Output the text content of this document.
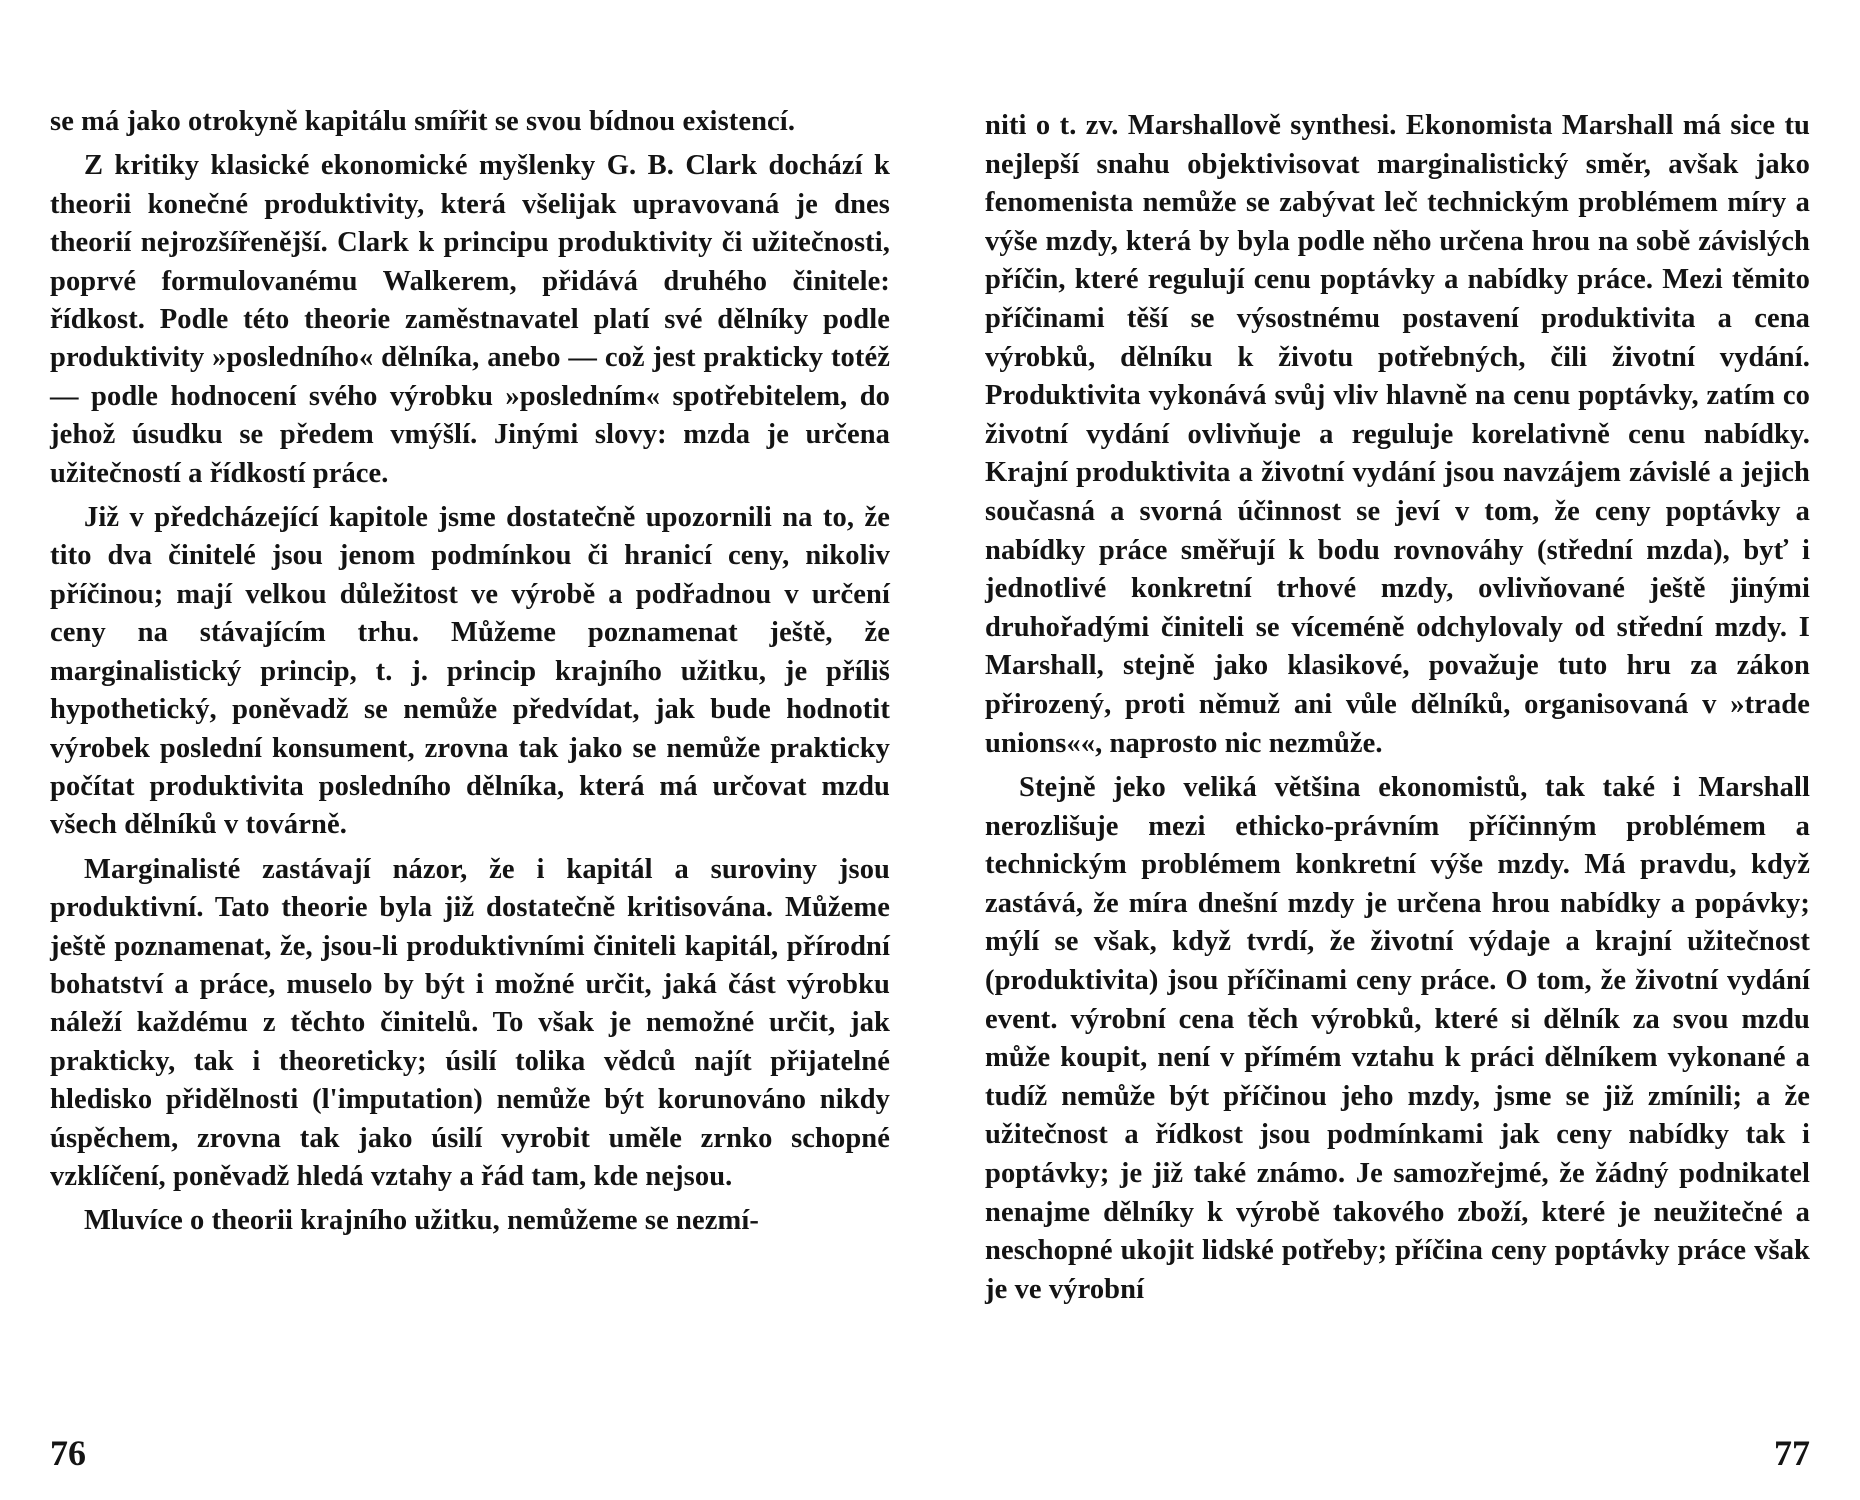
se má jako otrokyně kapitálu smířit se svou bídnou existencí.

Z kritiky klasické ekonomické myšlenky G. B. Clark dochází k theorii konečné produktivity, která všelijak upravovaná je dnes theorií nejrozšířenější. Clark k principu produktivity či užitečnosti, poprvé formulovanému Walkerem, přidává druhého činitele: řídkost. Podle této theorie zaměstnavatel platí své dělníky podle produktivity »posledního« dělníka, anebo — což jest prakticky totéž — podle hodnocení svého výrobku »posledním« spotřebitelem, do jehož úsudku se předem vmýšlí. Jinými slovy: mzda je určena užitečností a řídkostí práce.

Již v předcházející kapitole jsme dostatečně upozornili na to, že tito dva činitelé jsou jenom podmínkou či hranicí ceny, nikoliv příčinou; mají velkou důležitost ve výrobě a podřadnou v určení ceny na stávajícím trhu. Můžeme poznamenat ještě, že marginalistický princip, t. j. princip krajního užitku, je příliš hypothetický, poněvadž se nemůže předvídat, jak bude hodnotit výrobek poslední konsument, zrovna tak jako se nemůže prakticky počítat produktivita posledního dělníka, která má určovat mzdu všech dělníků v továrně.

Marginalisté zastávají názor, že i kapitál a suroviny jsou produktivní. Tato theorie byla již dostatečně kritisována. Můžeme ještě poznamenat, že, jsou-li produktivními činiteli kapitál, přírodní bohatství a práce, muselo by být i možné určit, jaká část výrobku náleží každému z těchto činitelů. To však je nemožné určit, jak prakticky, tak i theoreticky; úsilí tolika vědců najít přijatelné hledisko přidělnosti (l'imputation) nemůže být korunováno nikdy úspěchem, zrovna tak jako úsilí vyrobit uměle zrnko schopné vzklíčení, poněvadž hledá vztahy a řád tam, kde nejsou.

Mluvíce o theorii krajního užitku, nemůžeme se nezmí-

76

niti o t. zv. Marshallově synthesi. Ekonomista Marshall má sice tu nejlepší snahu objektivisovat marginalistický směr, avšak jako fenomenista nemůže se zabývat leč technickým problémem míry a výše mzdy, která by byla podle něho určena hrou na sobě závislých příčin, které regulují cenu poptávky a nabídky práce. Mezi těmito příčinami těší se výsostnému postavení produktivita a cena výrobků, dělníku k životu potřebných, čili životní vydání. Produktivita vykonává svůj vliv hlavně na cenu poptávky, zatím co životní vydání ovlivňuje a reguluje korelativně cenu nabídky. Krajní produktivita a životní vydání jsou navzájem závislé a jejich současná a svorná účinnost se jeví v tom, že ceny poptávky a nabídky práce směřují k bodu rovnováhy (střední mzda), byť i jednotlivé konkretní trhové mzdy, ovlivňované ještě jinými druhořadými činiteli se víceméně odchylovaly od střední mzdy. I Marshall, stejně jako klasikové, považuje tuto hru za zákon přirozený, proti němuž ani vůle dělníků, organisovaná v »trade unions««, naprosto nic nezmůže.

Stejně jeko veliká většina ekonomistů, tak také i Marshall nerozlišuje mezi ethicko-právním příčinným problémem a technickým problémem konkretní výše mzdy. Má pravdu, když zastává, že míra dnešní mzdy je určena hrou nabídky a popávky; mýlí se však, když tvrdí, že životní výdaje a krajní užitečnost (produktivita) jsou příčinami ceny práce. O tom, že životní vydání event. výrobní cena těch výrobků, které si dělník za svou mzdu může koupit, není v přímém vztahu k práci dělníkem vykonané a tudíž nemůže být příčinou jeho mzdy, jsme se již zmínili; a že užitečnost a řídkost jsou podmínkami jak ceny nabídky tak i poptávky; je již také známo. Je samozřejmé, že žádný podnikatel nenajme dělníky k výrobě takového zboží, které je neužitečné a neschopné ukojit lidské potřeby; příčina ceny poptávky práce však je ve výrobní

77
